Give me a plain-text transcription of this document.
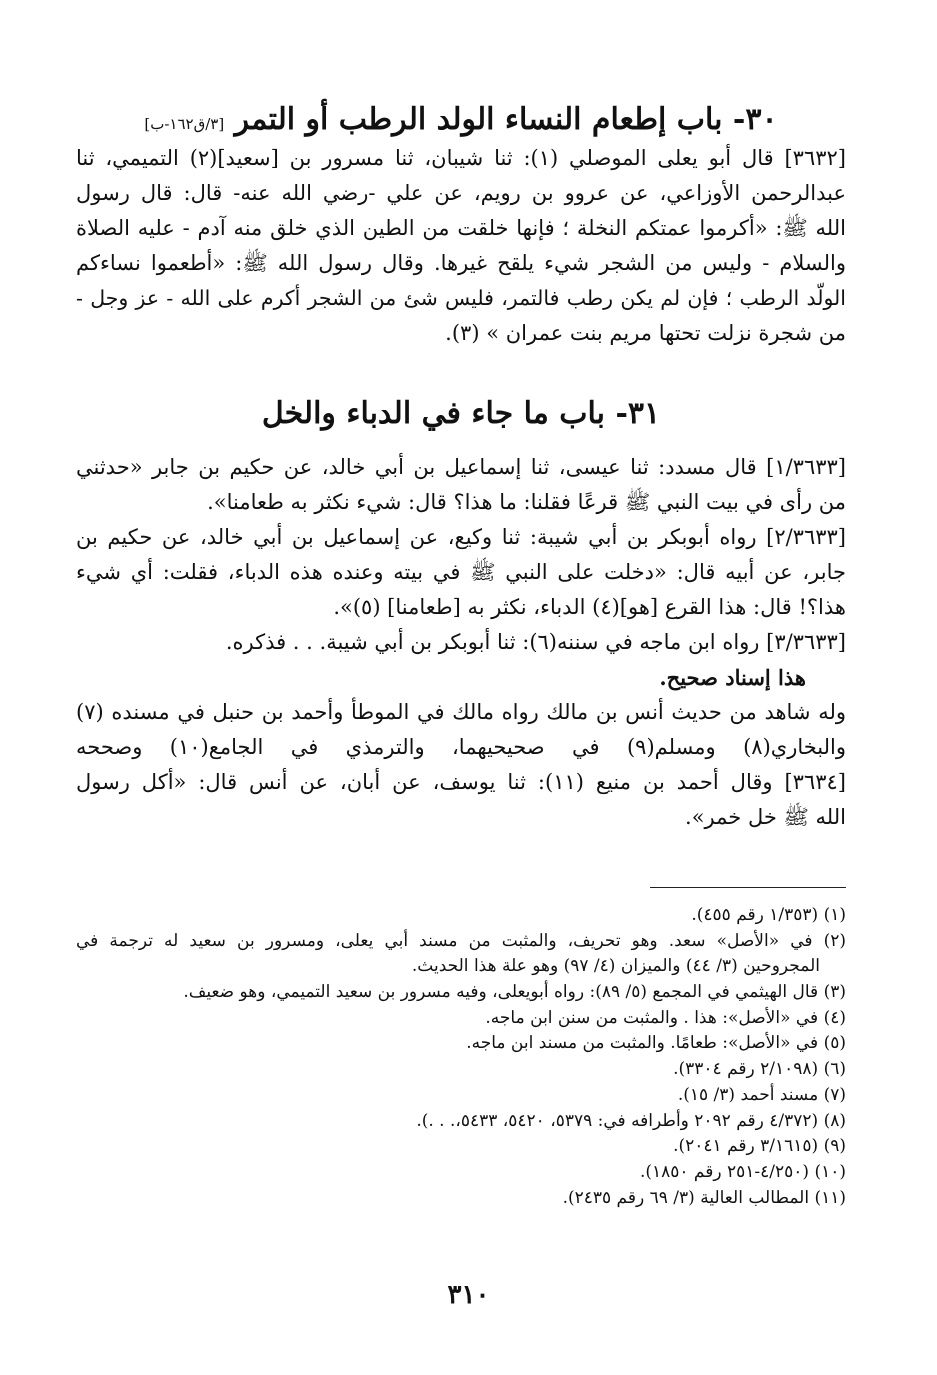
٣٠- باب إطعام النساء الولد الرطب أو التمر [٣/ق١٦٢-ب]
[٣٦٣٢] قال أبو يعلى الموصلي (١): ثنا شيبان، ثنا مسرور بن [سعيد](٢) التميمي، ثنا
عبدالرحمن الأوزاعي، عن عروو بن رويم، عن علي -رضي الله عنه- قال: قال رسول
الله ﷺ: «أكرموا عمتكم النخلة ؛ فإنها خلقت من الطين الذي خلق منه آدم - عليه الصلاة
والسلام - وليس من الشجر شيء يلقح غيرها. وقال رسول الله ﷺ: «أطعموا نساءكم
الولّد الرطب ؛ فإن لم يكن رطب فالتمر، فليس شئ من الشجر أكرم على الله - عز وجل -
من شجرة نزلت تحتها مريم بنت عمران » (٣).
٣١- باب ما جاء في الدباء والخل
[١/٣٦٣٣] قال مسدد: ثنا عيسى، ثنا إسماعيل بن أبي خالد، عن حكيم بن جابر «حدثني
من رأى في بيت النبي ﷺ قرعًا فقلنا: ما هذا؟ قال: شيء نكثر به طعامنا».
[٢/٣٦٣٣] رواه أبوبكر بن أبي شيبة: ثنا وكيع، عن إسماعيل بن أبي خالد، عن حكيم بن
جابر، عن أبيه قال: «دخلت على النبي ﷺ في بيته وعنده هذه الدباء، فقلت: أي شيء
هذا؟! قال: هذا القرع [هو](٤) الدباء، نكثر به [طعامنا] (٥)».
[٣/٣٦٣٣] رواه ابن ماجه في سننه(٦): ثنا أبوبكر بن أبي شيبة. . . فذكره.
هذا إسناد صحيح.
وله شاهد من حديث أنس بن مالك رواه مالك في الموطأ وأحمد بن حنبل في مسنده (٧)
والبخاري(٨) ومسلم(٩) في صحيحيهما، والترمذي في الجامع(١٠) وصححه
[٣٦٣٤] وقال أحمد بن منيع (١١): ثنا يوسف، عن أبان، عن أنس قال: «أكل رسول
الله ﷺ خل خمر».
(١) (١/٣٥٣ رقم ٤٥٥).
(٢) في «الأصل» سعد. وهو تحريف، والمثبت من مسند أبي يعلى، ومسرور بن سعيد له ترجمة في
المجروحين (٣/ ٤٤) والميزان (٤/ ٩٧) وهو علة هذا الحديث.
(٣) قال الهيثمي في المجمع (٥/ ٨٩): رواه أبويعلى، وفيه مسرور بن سعيد التميمي، وهو ضعيف.
(٤) في «الأصل»: هذا . والمثبت من سنن ابن ماجه.
(٥) في «الأصل»: طعامًا. والمثبت من مسند ابن ماجه.
(٦) (٢/١٠٩٨ رقم ٣٣٠٤).
(٧) مسند أحمد (٣/ ١٥).
(٨) (٤/٣٧٢ رقم ٢٠٩٢ وأطرافه في: ٥٣٧٩، ٥٤٢٠، ٥٤٣٣،. . .).
(٩) (٣/١٦١٥ رقم ٢٠٤١).
(١٠) (٤/٢٥٠-٢٥١ رقم ١٨٥٠).
(١١) المطالب العالية (٣/ ٦٩ رقم ٢٤٣٥).
٣١٠
